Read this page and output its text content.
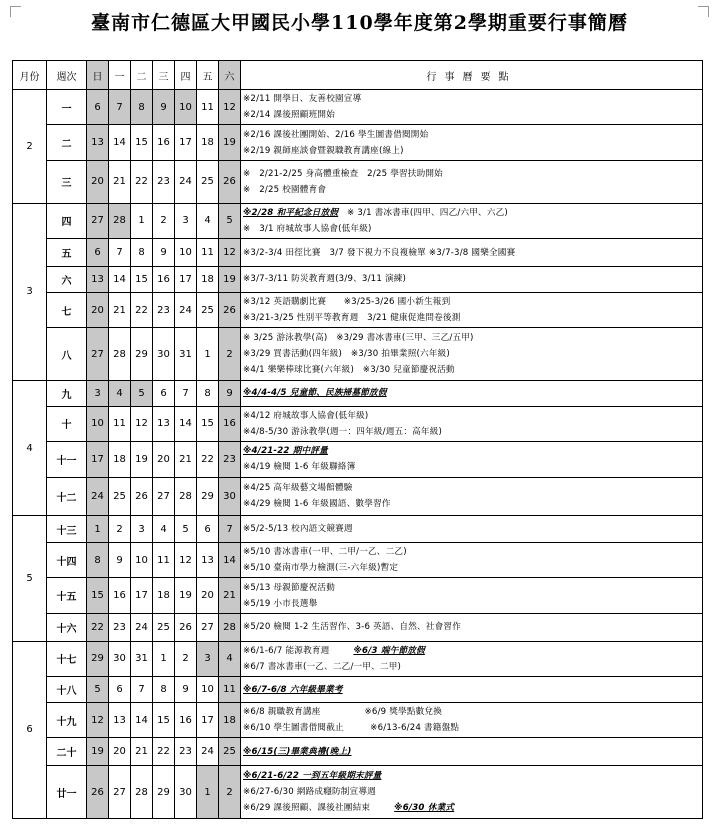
臺南市仁德區大甲國民小學110學年度第2學期重要行事簡曆
月份	週次	日	一	二	三	四	五	六	行事曆要點
2	一	6	7	8	9	10	11	12	※2/11 開學日、友善校園宣導
※2/14 課後照顧班開始

	二	13	14	15	16	17	18	19	※2/16 課後社團開始、2/16 學生圖書借閱開始
※2/19 親師座談會暨親職教育講座(線上)

	三	20	21	22	23	24	25	26	※　2/21-2/25 身高體重檢查　2/25 學習扶助開始
※　2/25 校園體育會

3	四	27	28	1	2	3	4	5	※2/28 和平紀念日放假　※ 3/1 書冰書車(四甲、四乙/六甲、六乙)
※　3/1 府城故事人協會(低年級)

	五	6	7	8	9	10	11	12	※3/2-3/4 田徑比賽　3/7 發下視力不良複檢單 ※3/7-3/8 國樂全國賽

	六	13	14	15	16	17	18	19	※3/7-3/11 防災教育週(3/9、3/11 演練)

	七	20	21	22	23	24	25	26	※3/12 英語購劇比賽　　※3/25-3/26 國小新生報到
※3/21-3/25 性別平等教育週　3/21 健康促進問卷後測

	八	27	28	29	30	31	1	2	※ 3/25 游泳教學(高)　※3/29 書冰書車(三甲、三乙/五甲)
※3/29 買書活動(四年級)　※3/30 拍畢業照(六年級)
※4/1 樂樂棒球比賽(六年級)　※3/30 兒童節慶祝活動

4	九	3	4	5	6	7	8	9	※4/4-4/5 兒童節、民族掃墓節放假

	十	10	11	12	13	14	15	16	※4/12 府城故事人協會(低年級)
※4/8-5/30 游泳教學(週一：四年級/週五：高年級)

	十一	17	18	19	20	21	22	23	※4/21-22 期中評量
※4/19 檢閱 1-6 年級聯絡簿

	十二	24	25	26	27	28	29	30	※4/25 高年級藝文場館體驗
※4/29 檢閱 1-6 年級國語、數學習作

5	十三	1	2	3	4	5	6	7	※5/2-5/13 校內語文競賽週

	十四	8	9	10	11	12	13	14	※5/10 書冰書車(一甲、二甲/一乙、二乙)
※5/10 臺南市學力檢測(三-六年級)暫定

	十五	15	16	17	18	19	20	21	※5/13 母親節慶祝活動
※5/19 小市長選舉

	十六	22	23	24	25	26	27	28	※5/20 檢閱 1-2 生活習作、3-6 英語、自然、社會習作

6	十七	29	30	31	1	2	3	4	※6/1-6/7 能源教育週 ※6/3 端午節放假
※6/7 書冰書車(一乙、二乙/一甲、二甲)

	十八	5	6	7	8	9	10	11	※6/7-6/8 六年級畢業考

	十九	12	13	14	15	16	17	18	※6/8 親職教育講座　　　　　※6/9 獎學點數兌換
※6/10 學生圖書借閱截止　　　※6/13-6/24 書籍盤點

	二十	19	20	21	22	23	24	25	※6/15(三)畢業典禮(晚上)

	廿一	26	27	28	29	30	1	2	※6/21-6/22 一到五年級期末評量
※6/27-6/30 網路成癮防制宣導週
※6/29 課後照顧、課後社團結束 ※6/30 休業式
